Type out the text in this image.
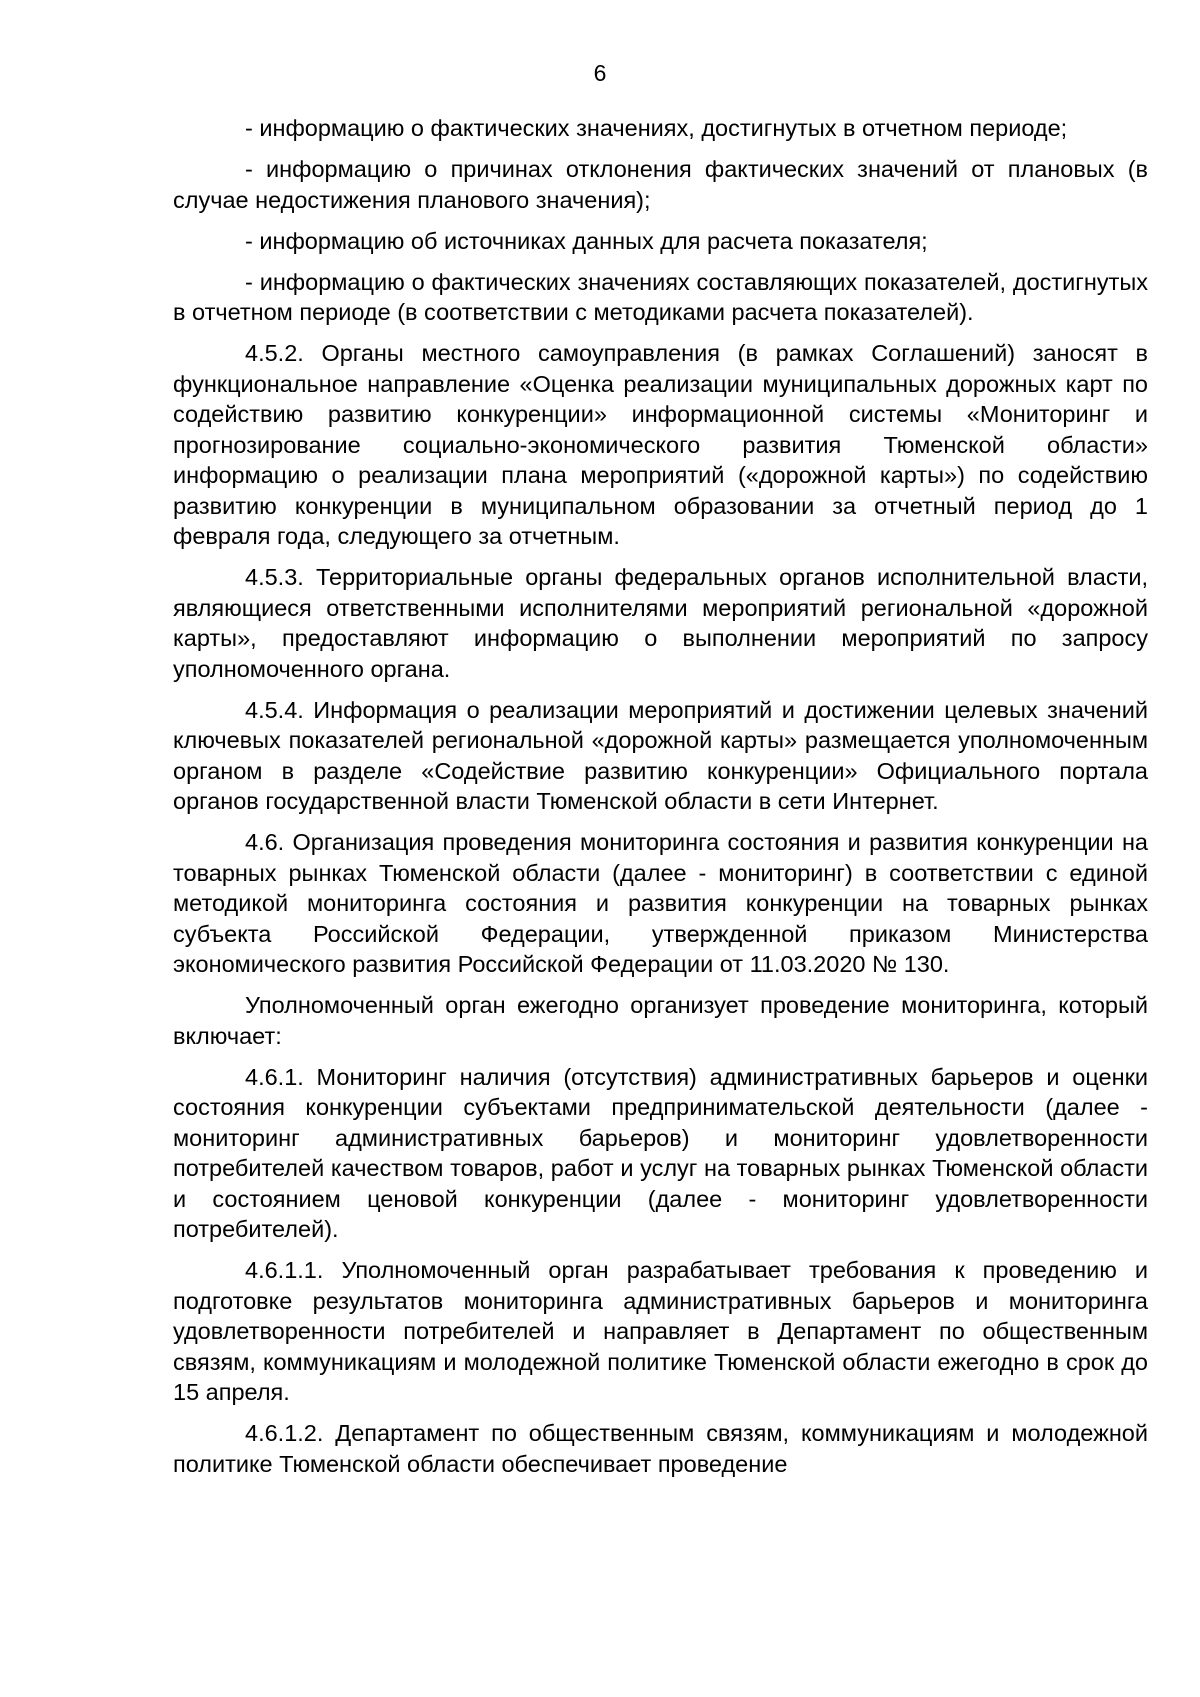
6

- информацию о фактических значениях, достигнутых в отчетном периоде;

- информацию о причинах отклонения фактических значений от плановых (в случае недостижения планового значения);

- информацию об источниках данных для расчета показателя;

- информацию о фактических значениях составляющих показателей, достигнутых в отчетном периоде (в соответствии с методиками расчета показателей).

4.5.2. Органы местного самоуправления (в рамках Соглашений) заносят в функциональное направление «Оценка реализации муниципальных дорожных карт по содействию развитию конкуренции» информационной системы «Мониторинг и прогнозирование социально-экономического развития Тюменской области» информацию о реализации плана мероприятий («дорожной карты») по содействию развитию конкуренции в муниципальном образовании за отчетный период до 1 февраля года, следующего за отчетным.

4.5.3. Территориальные органы федеральных органов исполнительной власти, являющиеся ответственными исполнителями мероприятий региональной «дорожной карты», предоставляют информацию о выполнении мероприятий по запросу уполномоченного органа.

4.5.4. Информация о реализации мероприятий и достижении целевых значений ключевых показателей региональной «дорожной карты» размещается уполномоченным органом в разделе «Содействие развитию конкуренции» Официального портала органов государственной власти Тюменской области в сети Интернет.

4.6. Организация проведения мониторинга состояния и развития конкуренции на товарных рынках Тюменской области (далее - мониторинг) в соответствии с единой методикой мониторинга состояния и развития конкуренции на товарных рынках субъекта Российской Федерации, утвержденной приказом Министерства экономического развития Российской Федерации от 11.03.2020 № 130.

Уполномоченный орган ежегодно организует проведение мониторинга, который включает:

4.6.1. Мониторинг наличия (отсутствия) административных барьеров и оценки состояния конкуренции субъектами предпринимательской деятельности (далее - мониторинг административных барьеров) и мониторинг удовлетворенности потребителей качеством товаров, работ и услуг на товарных рынках Тюменской области и состоянием ценовой конкуренции (далее - мониторинг удовлетворенности потребителей).

4.6.1.1. Уполномоченный орган разрабатывает требования к проведению и подготовке результатов мониторинга административных барьеров и мониторинга удовлетворенности потребителей и направляет в Департамент по общественным связям, коммуникациям и молодежной политике Тюменской области ежегодно в срок до 15 апреля.

4.6.1.2. Департамент по общественным связям, коммуникациям и молодежной политике Тюменской области обеспечивает проведение
